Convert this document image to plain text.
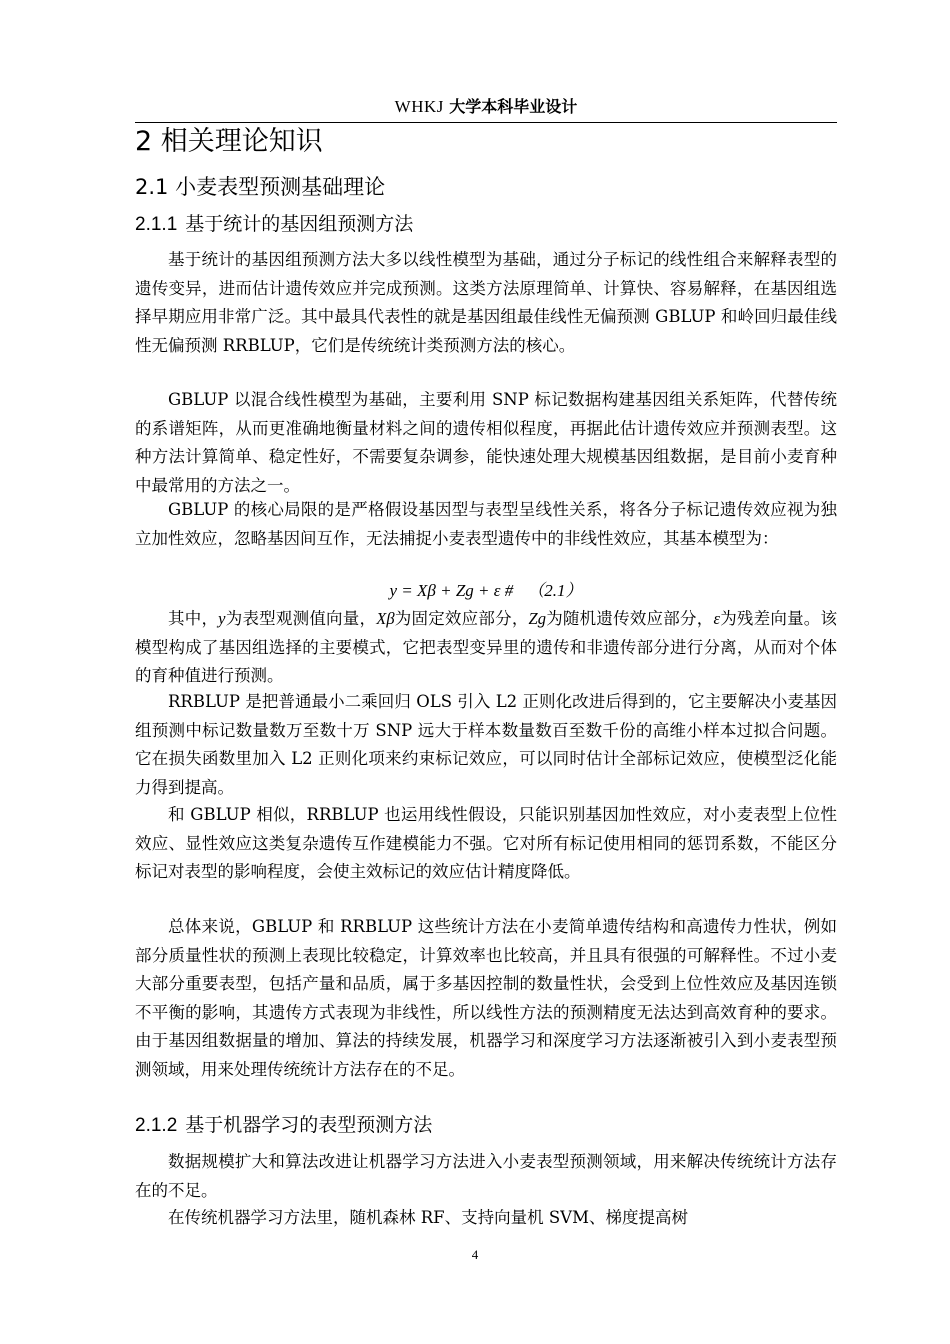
WHKJ 大学本科毕业设计
2 相关理论知识
2.1 小麦表型预测基础理论
2.1.1 基于统计的基因组预测方法
基于统计的基因组预测方法大多以线性模型为基础，通过分子标记的线性组合来解释表型的遗传变异，进而估计遗传效应并完成预测。这类方法原理简单、计算快、容易解释，在基因组选择早期应用非常广泛。其中最具代表性的就是基因组最佳线性无偏预测 GBLUP 和岭回归最佳线性无偏预测 RRBLUP，它们是传统统计类预测方法的核心。
GBLUP 以混合线性模型为基础，主要利用 SNP 标记数据构建基因组关系矩阵，代替传统的系谱矩阵，从而更准确地衡量材料之间的遗传相似程度，再据此估计遗传效应并预测表型。这种方法计算简单、稳定性好，不需要复杂调参，能快速处理大规模基因组数据，是目前小麦育种中最常用的方法之一。
GBLUP 的核心局限的是严格假设基因型与表型呈线性关系，将各分子标记遗传效应视为独立加性效应，忽略基因间互作，无法捕捉小麦表型遗传中的非线性效应，其基本模型为：
y = Xβ + Zg + ε # （2.1）
其中，y为表型观测值向量，Xβ为固定效应部分，Zg为随机遗传效应部分，ε为残差向量。该模型构成了基因组选择的主要模式，它把表型变异里的遗传和非遗传部分进行分离，从而对个体的育种值进行预测。
RRBLUP 是把普通最小二乘回归 OLS 引入 L2 正则化改进后得到的，它主要解决小麦基因组预测中标记数量数万至数十万 SNP 远大于样本数量数百至数千份的高维小样本过拟合问题。它在损失函数里加入 L2 正则化项来约束标记效应，可以同时估计全部标记效应，使模型泛化能力得到提高。
和 GBLUP 相似，RRBLUP 也运用线性假设，只能识别基因加性效应，对小麦表型上位性效应、显性效应这类复杂遗传互作建模能力不强。它对所有标记使用相同的惩罚系数，不能区分标记对表型的影响程度，会使主效标记的效应估计精度降低。
总体来说，GBLUP 和 RRBLUP 这些统计方法在小麦简单遗传结构和高遗传力性状，例如部分质量性状的预测上表现比较稳定，计算效率也比较高，并且具有很强的可解释性。不过小麦大部分重要表型，包括产量和品质，属于多基因控制的数量性状，会受到上位性效应及基因连锁不平衡的影响，其遗传方式表现为非线性，所以线性方法的预测精度无法达到高效育种的要求。由于基因组数据量的增加、算法的持续发展，机器学习和深度学习方法逐渐被引入到小麦表型预测领域，用来处理传统统计方法存在的不足。
2.1.2 基于机器学习的表型预测方法
数据规模扩大和算法改进让机器学习方法进入小麦表型预测领域，用来解决传统统计方法存在的不足。
在传统机器学习方法里，随机森林 RF、支持向量机 SVM、梯度提高树
4
